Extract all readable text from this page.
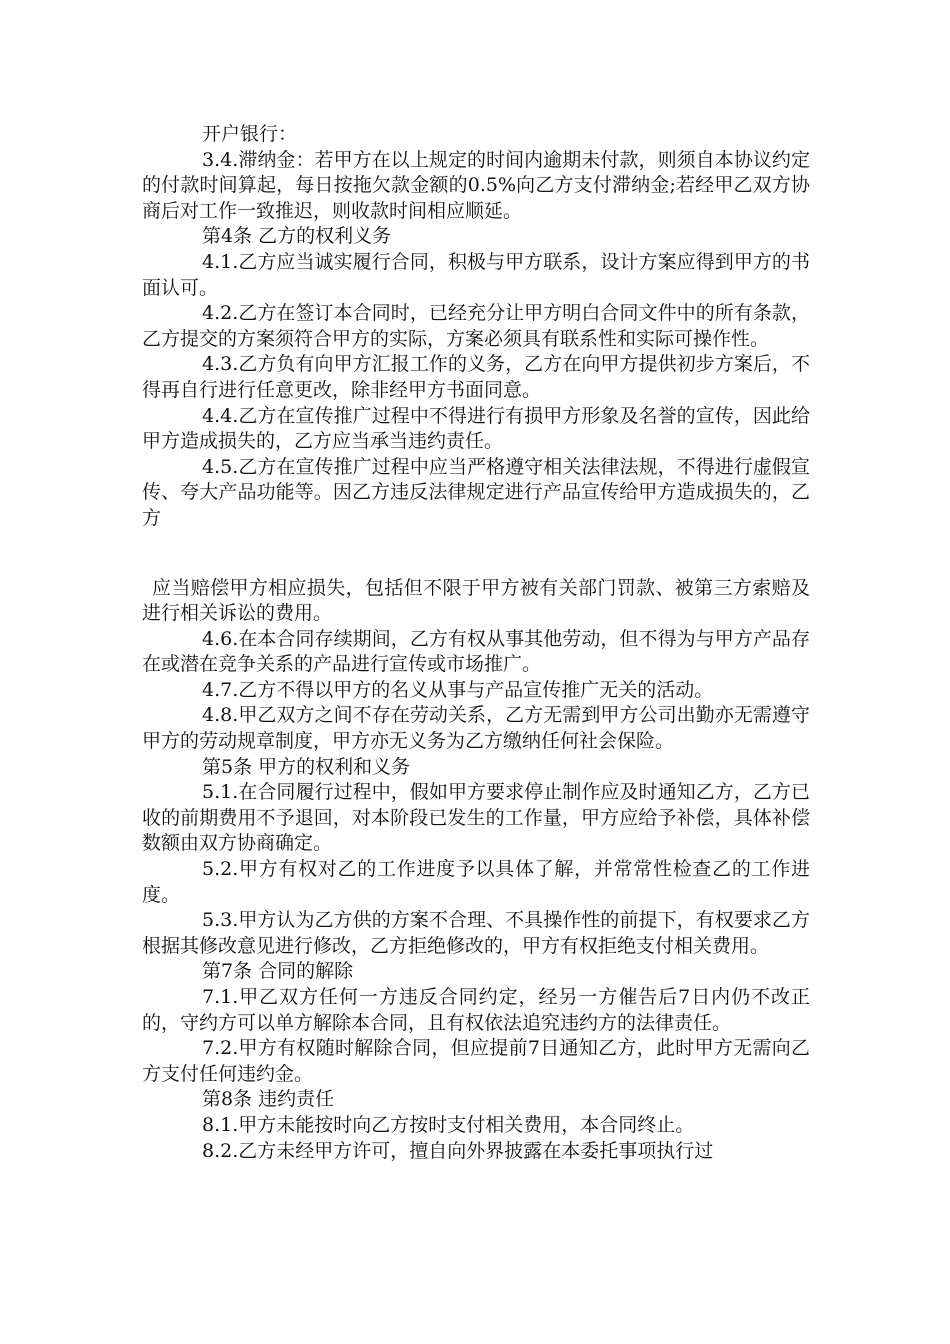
开户银行：

3.4.滞纳金：若甲方在以上规定的时间内逾期未付款，则须自本协议约定的付款时间算起，每日按拖欠款金额的0.5%向乙方支付滞纳金;若经甲乙双方协商后对工作一致推迟，则收款时间相应顺延。

第4条 乙方的权利义务

4.1.乙方应当诚实履行合同，积极与甲方联系，设计方案应得到甲方的书面认可。

4.2.乙方在签订本合同时，已经充分让甲方明白合同文件中的所有条款，乙方提交的方案须符合甲方的实际，方案必须具有联系性和实际可操作性。

4.3.乙方负有向甲方汇报工作的义务，乙方在向甲方提供初步方案后，不得再自行进行任意更改，除非经甲方书面同意。

4.4.乙方在宣传推广过程中不得进行有损甲方形象及名誉的宣传，因此给甲方造成损失的，乙方应当承当违约责任。

4.5.乙方在宣传推广过程中应当严格遵守相关法律法规，不得进行虚假宣传、夸大产品功能等。因乙方违反法律规定进行产品宣传给甲方造成损失的，乙方

应当赔偿甲方相应损失，包括但不限于甲方被有关部门罚款、被第三方索赔及进行相关诉讼的费用。

4.6.在本合同存续期间，乙方有权从事其他劳动，但不得为与甲方产品存在或潜在竞争关系的产品进行宣传或市场推广。

4.7.乙方不得以甲方的名义从事与产品宣传推广无关的活动。

4.8.甲乙双方之间不存在劳动关系，乙方无需到甲方公司出勤亦无需遵守甲方的劳动规章制度，甲方亦无义务为乙方缴纳任何社会保险。

第5条 甲方的权利和义务

5.1.在合同履行过程中，假如甲方要求停止制作应及时通知乙方，乙方已收的前期费用不予退回，对本阶段已发生的工作量，甲方应给予补偿，具体补偿数额由双方协商确定。

5.2.甲方有权对乙的工作进度予以具体了解，并常常性检查乙的工作进度。

5.3.甲方认为乙方供的方案不合理、不具操作性的前提下，有权要求乙方根据其修改意见进行修改，乙方拒绝修改的，甲方有权拒绝支付相关费用。

第7条 合同的解除

7.1.甲乙双方任何一方违反合同约定，经另一方催告后7日内仍不改正的，守约方可以单方解除本合同，且有权依法追究违约方的法律责任。

7.2.甲方有权随时解除合同，但应提前7日通知乙方，此时甲方无需向乙方支付任何违约金。

第8条 违约责任

8.1.甲方未能按时向乙方按时支付相关费用，本合同终止。

8.2.乙方未经甲方许可，擅自向外界披露在本委托事项执行过
